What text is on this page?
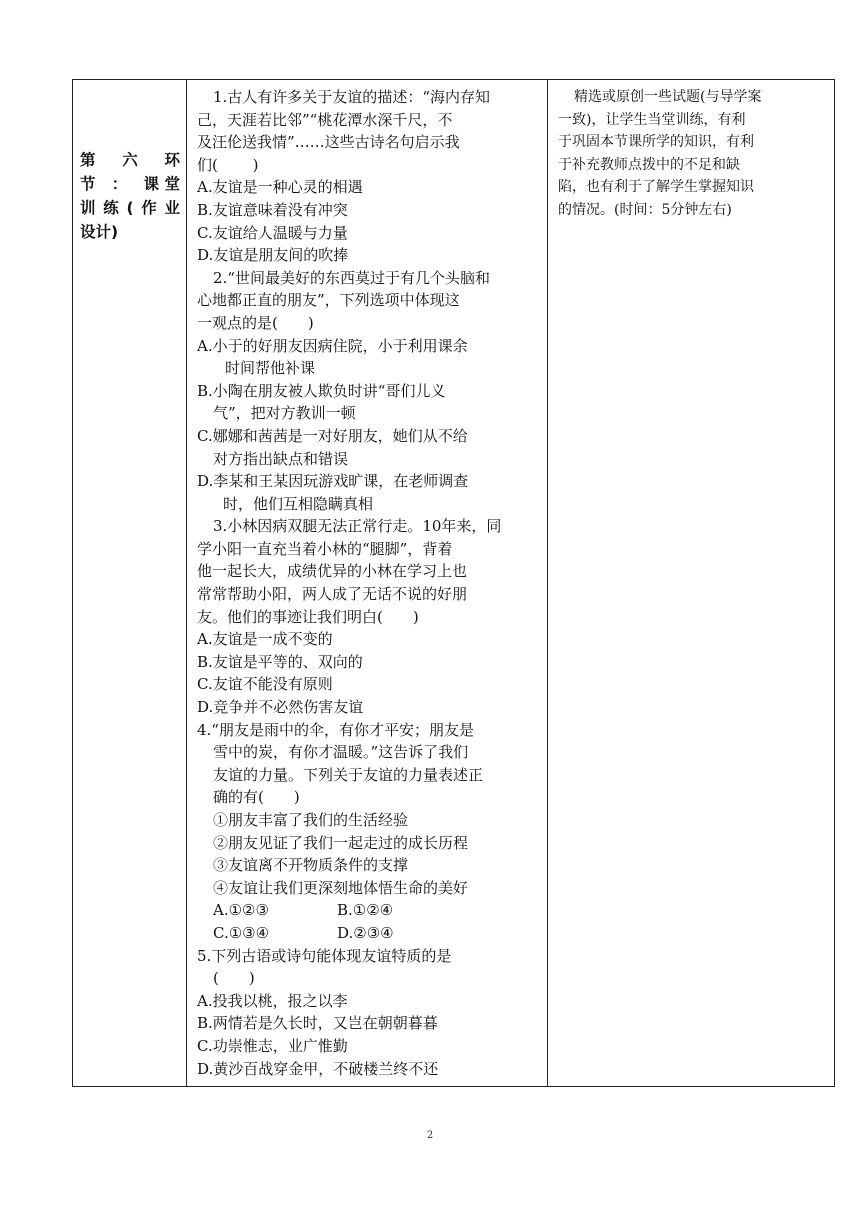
第 六 环
节 ： 课堂
训练(作业
设计)

1.古人有许多关于友谊的描述：“海内存知
己，天涯若比邻”“桃花潭水深千尺，不
及汪伦送我情”……这些古诗名句启示我
们(　　 )
A.友谊是一种心灵的相遇
B.友谊意味着没有冲突
C.友谊给人温暖与力量
D.友谊是朋友间的吹捧
2.“世间最美好的东西莫过于有几个头脑和
心地都正直的朋友”，下列选项中体现这
一观点的是(　　)
A.小于的好朋友因病住院，小于利用课余
时间帮他补课
B.小陶在朋友被人欺负时讲“哥们儿义
气”，把对方教训一顿
C.娜娜和茜茜是一对好朋友，她们从不给
对方指出缺点和错误
D.李某和王某因玩游戏旷课，在老师调查
时，他们互相隐瞒真相
3.小林因病双腿无法正常行走。10年来，同
学小阳一直充当着小林的“腿脚”，背着
他一起长大，成绩优异的小林在学习上也
常常帮助小阳，两人成了无话不说的好朋
友。他们的事迹让我们明白(　　)
A.友谊是一成不变的
B.友谊是平等的、双向的
C.友谊不能没有原则
D.竞争并不必然伤害友谊
4.“朋友是雨中的伞，有你才平安；朋友是
雪中的炭，有你才温暖。”这告诉了我们
友谊的力量。下列关于友谊的力量表述正
确的有(　　)
①朋友丰富了我们的生活经验
②朋友见证了我们一起走过的成长历程
③友谊离不开物质条件的支撑
④友谊让我们更深刻地体悟生命的美好
A.①②③	B.①②④
C.①③④	D.②③④
5.下列古语或诗句能体现友谊特质的是
(　　)
A.投我以桃，报之以李
B.两情若是久长时，又岂在朝朝暮暮
C.功崇惟志，业广惟勤
D.黄沙百战穿金甲，不破楼兰终不还

精选或原创一些试题(与导学案
一致)，让学生当堂训练，有利
于巩固本节课所学的知识，有利
于补充教师点拨中的不足和缺
陷，也有利于了解学生掌握知识
的情况。(时间：5分钟左右)
2
